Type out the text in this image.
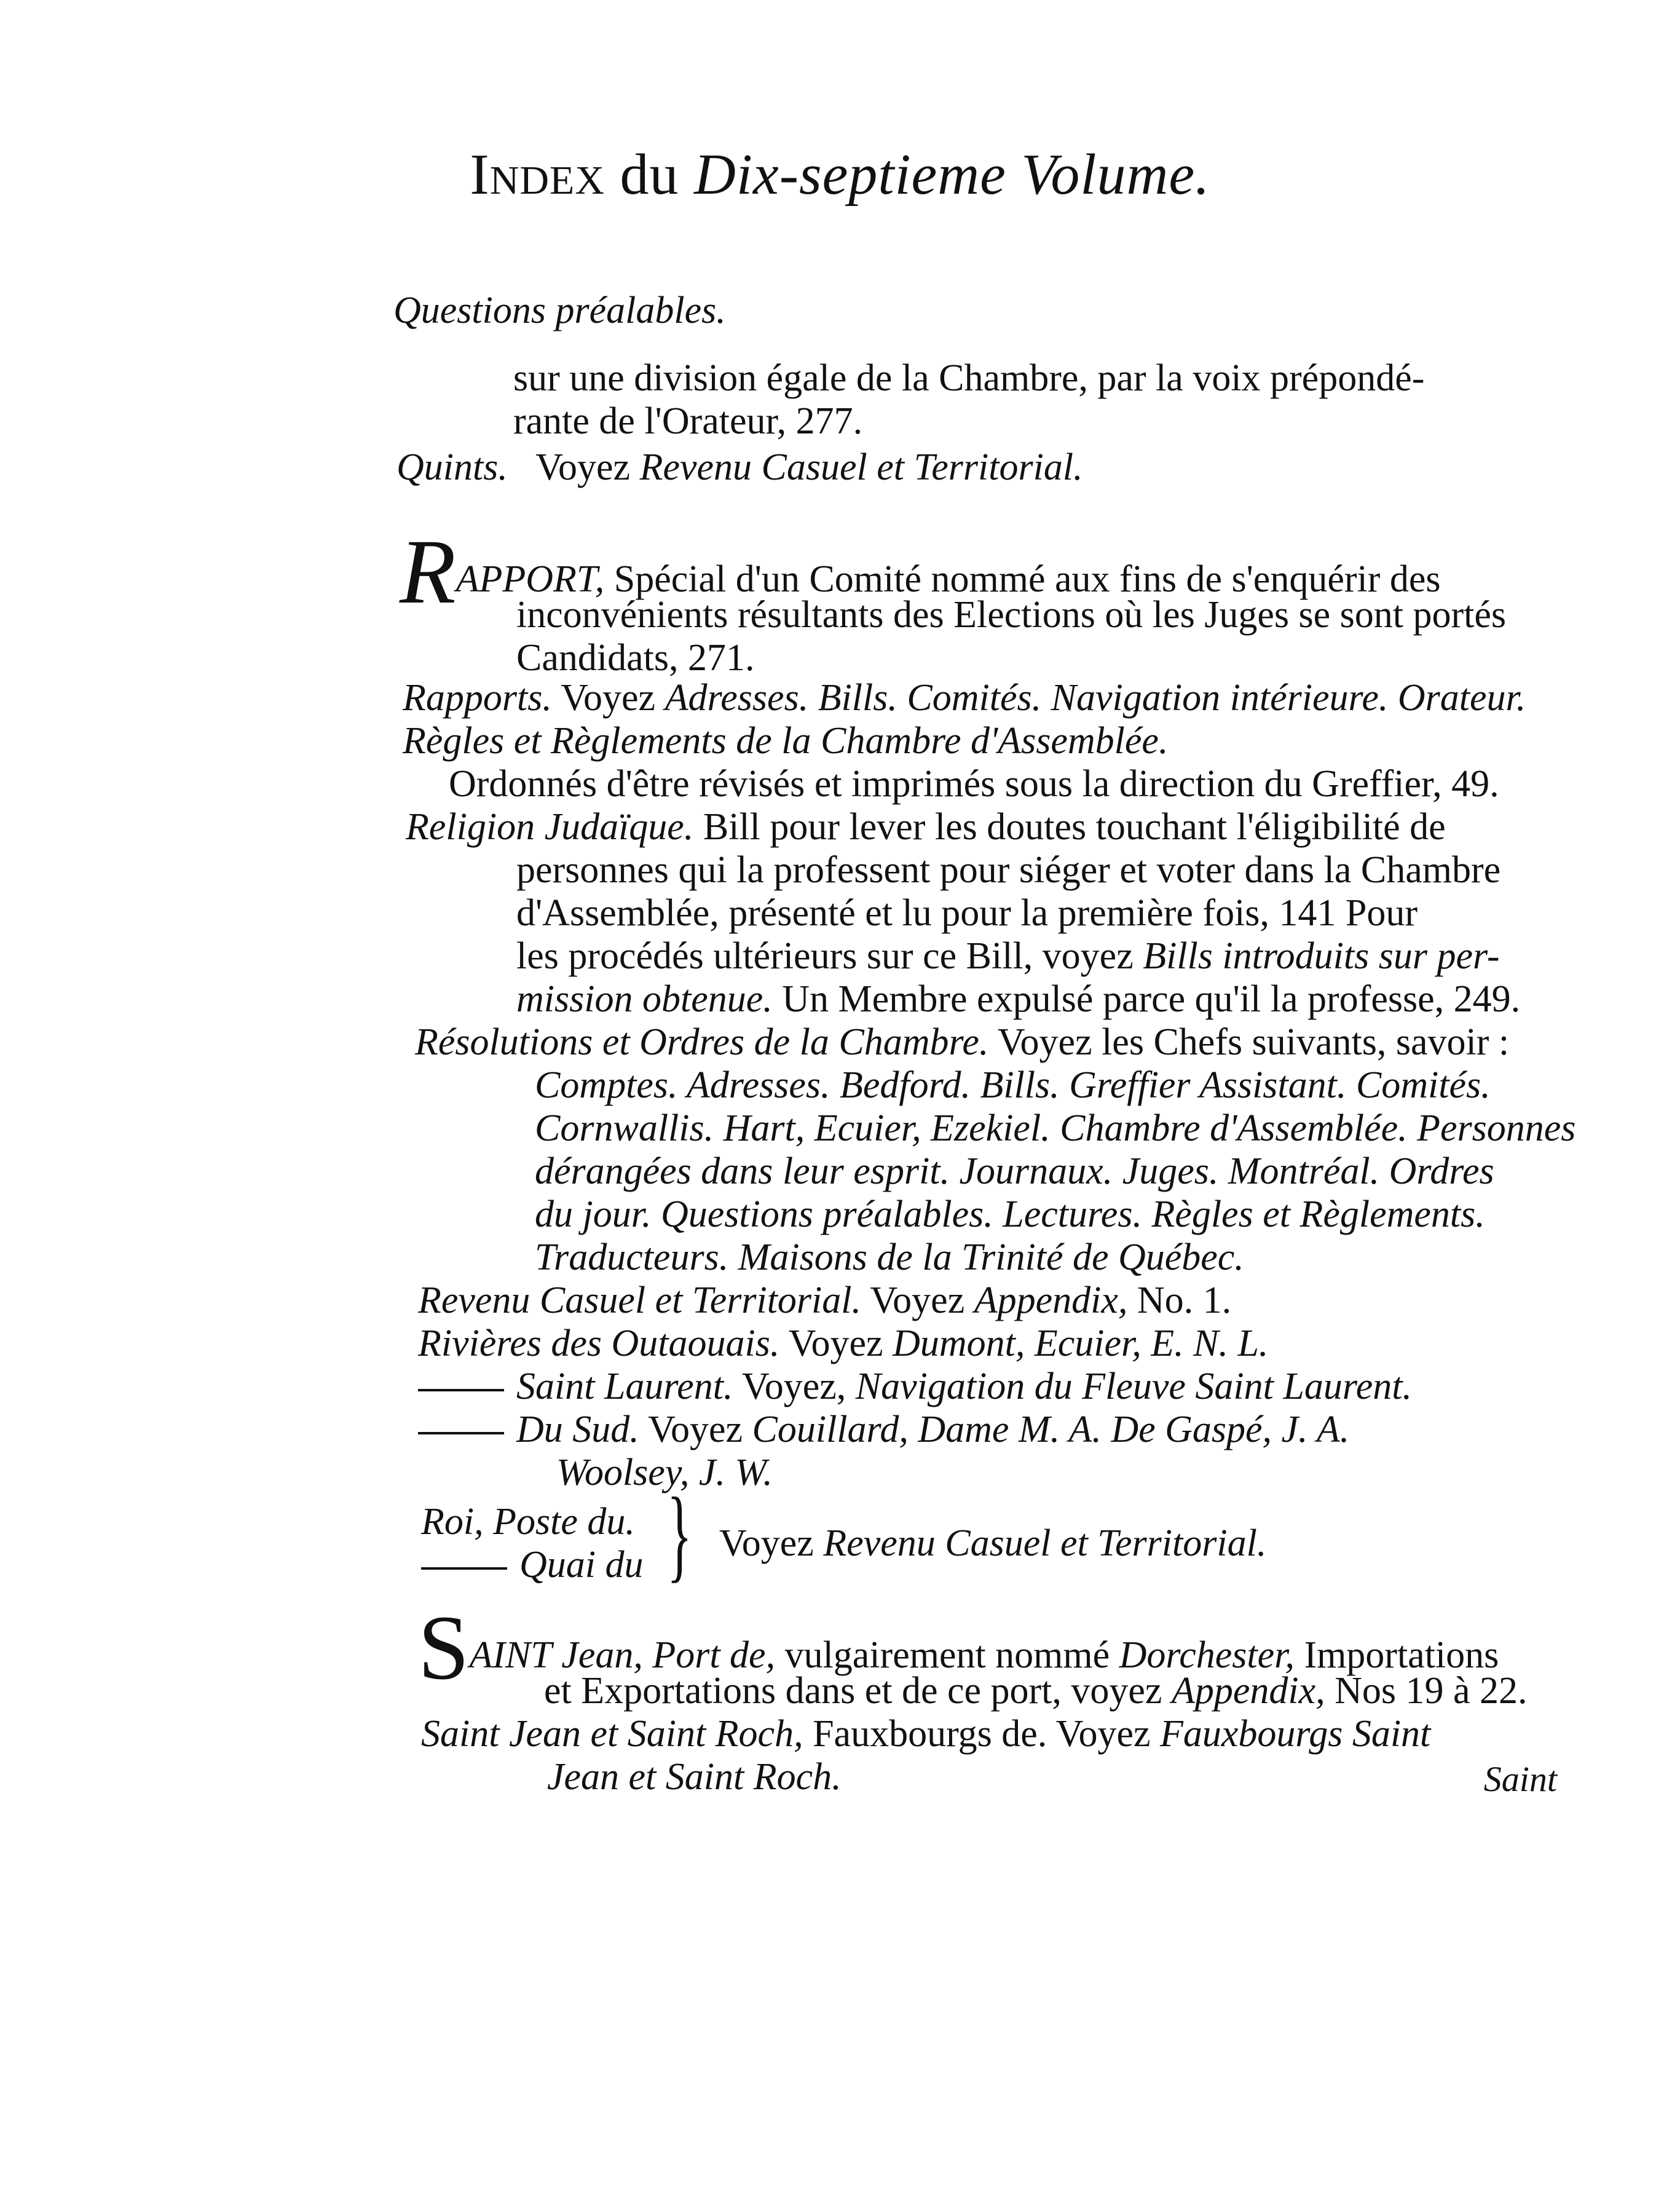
Index du Dix-septieme Volume.
Questions préalables.
sur une division égale de la Chambre, par la voix prépondé-
rante de l'Orateur, 277.
Quints. Voyez Revenu Casuel et Territorial.
RAPPORT, Spécial d'un Comité nommé aux fins de s'enquérir des
inconvénients résultants des Elections où les Juges se sont portés
Candidats, 271.
Rapports. Voyez Adresses. Bills. Comités. Navigation intérieure. Orateur.
Règles et Règlements de la Chambre d'Assemblée.
Ordonnés d'être révisés et imprimés sous la direction du Greffier, 49.
Religion Judaïque. Bill pour lever les doutes touchant l'éligibilité de
personnes qui la professent pour siéger et voter dans la Chambre
d'Assemblée, présenté et lu pour la première fois, 141 Pour
les procédés ultérieurs sur ce Bill, voyez Bills introduits sur per-
mission obtenue. Un Membre expulsé parce qu'il la professe, 249.
Résolutions et Ordres de la Chambre. Voyez les Chefs suivants, savoir :
Comptes. Adresses. Bedford. Bills. Greffier Assistant. Comités.
Cornwallis. Hart, Ecuier, Ezekiel. Chambre d'Assemblée. Personnes
dérangées dans leur esprit. Journaux. Juges. Montréal. Ordres
du jour. Questions préalables. Lectures. Règles et Règlements.
Traducteurs. Maisons de la Trinité de Québec.
Revenu Casuel et Territorial. Voyez Appendix, No. 1.
Rivières des Outaouais. Voyez Dumont, Ecuier, E. N. L.
Saint Laurent. Voyez, Navigation du Fleuve Saint Laurent.
Du Sud. Voyez Couillard, Dame M. A. De Gaspé, J. A.
Woolsey, J. W.
Roi, Poste du.
Quai du } Voyez Revenu Casuel et Territorial.
SAINT Jean, Port de, vulgairement nommé Dorchester, Importations
et Exportations dans et de ce port, voyez Appendix, Nos 19 à 22.
Saint Jean et Saint Roch, Fauxbourgs de. Voyez Fauxbourgs Saint
Jean et Saint Roch.	Saint
